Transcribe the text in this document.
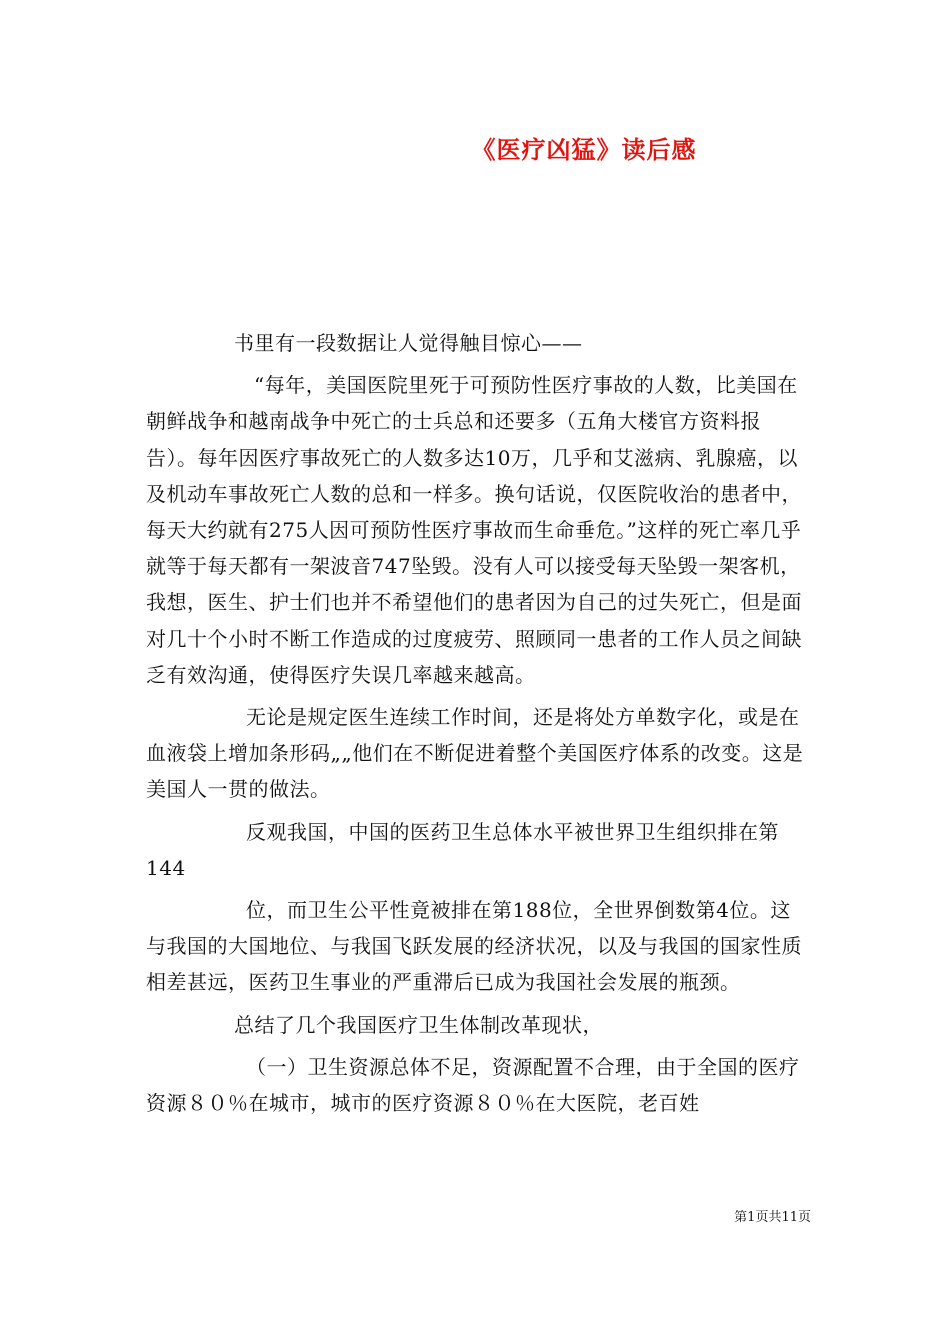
《医疗凶猛》读后感

书里有一段数据让人觉得触目惊心——

“每年，美国医院里死于可预防性医疗事故的人数，比美国在朝鲜战争和越南战争中死亡的士兵总和还要多（五角大楼官方资料报告）。每年因医疗事故死亡的人数多达10万，几乎和艾滋病、乳腺癌，以及机动车事故死亡人数的总和一样多。换句话说，仅医院收治的患者中，每天大约就有275人因可预防性医疗事故而生命垂危。”这样的死亡率几乎就等于每天都有一架波音747坠毁。没有人可以接受每天坠毁一架客机，我想，医生、护士们也并不希望他们的患者因为自己的过失死亡，但是面对几十个小时不断工作造成的过度疲劳、照顾同一患者的工作人员之间缺乏有效沟通，使得医疗失误几率越来越高。

无论是规定医生连续工作时间，还是将处方单数字化，或是在血液袋上增加条形码„„他们在不断促进着整个美国医疗体系的改变。这是美国人一贯的做法。

反观我国，中国的医药卫生总体水平被世界卫生组织排在第144

位，而卫生公平性竟被排在第188位，全世界倒数第4位。这与我国的大国地位、与我国飞跃发展的经济状况，以及与我国的国家性质相差甚远，医药卫生事业的严重滞后已成为我国社会发展的瓶颈。

总结了几个我国医疗卫生体制改革现状，

（一）卫生资源总体不足，资源配置不合理，由于全国的医疗资源８０％在城市，城市的医疗资源８０％在大医院，老百姓

第1页共11页
